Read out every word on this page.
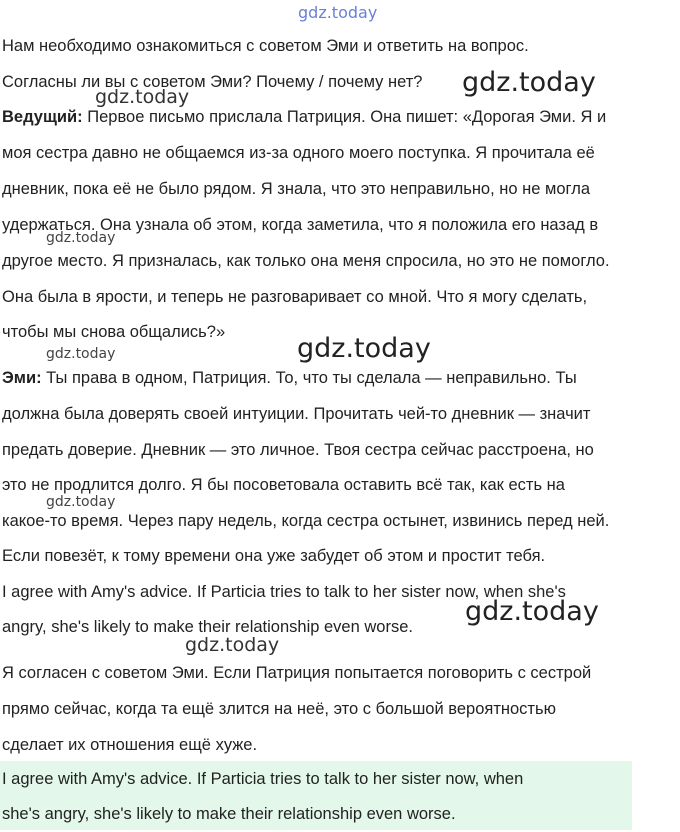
gdz.today
gdz.today
gdz.today
gdz.today
gdz.today
gdz.today
gdz.today
gdz.today
gdz.today
Нам необходимо ознакомиться с советом Эми и ответить на вопрос.
Согласны ли вы с советом Эми? Почему / почему нет?
Ведущий: Первое письмо прислала Патриция. Она пишет: «Дорогая Эми. Я и
моя сестра давно не общаемся из-за одного моего поступка. Я прочитала её
дневник, пока её не было рядом. Я знала, что это неправильно, но не могла
удержаться. Она узнала об этом, когда заметила, что я положила его назад в
другое место. Я призналась, как только она меня спросила, но это не помогло.
Она была в ярости, и теперь не разговаривает со мной. Что я могу сделать,
чтобы мы снова общались?»
Эми: Ты права в одном, Патриция. То, что ты сделала — неправильно. Ты
должна была доверять своей интуиции. Прочитать чей-то дневник — значит
предать доверие. Дневник — это личное. Твоя сестра сейчас расстроена, но
это не продлится долго. Я бы посоветовала оставить всё так, как есть на
какое-то время. Через пару недель, когда сестра остынет, извинись перед ней.
Если повезёт, к тому времени она уже забудет об этом и простит тебя.
I agree with Amy's advice. If Particia tries to talk to her sister now, when she's
angry, she's likely to make their relationship even worse.
Я согласен с советом Эми. Если Патриция попытается поговорить с сестрой
прямо сейчас, когда та ещё злится на неё, это с большой вероятностью
сделает их отношения ещё хуже.
I agree with Amy's advice. If Particia tries to talk to her sister now, when
she's angry, she's likely to make their relationship even worse.
